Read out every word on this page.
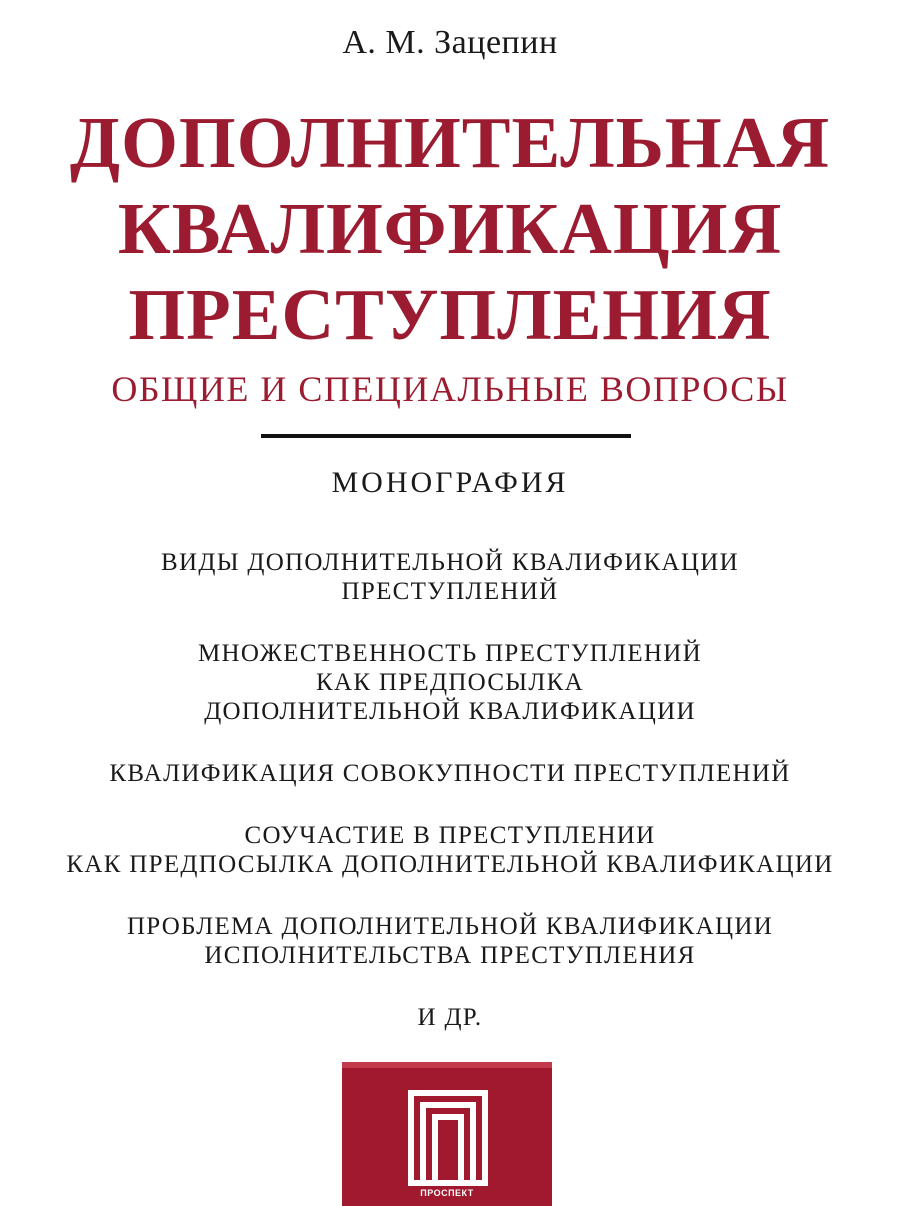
А. М. Зацепин
ДОПОЛНИТЕЛЬНАЯ
КВАЛИФИКАЦИЯ
ПРЕСТУПЛЕНИЯ
ОБЩИЕ И СПЕЦИАЛЬНЫЕ ВОПРОСЫ
МОНОГРАФИЯ
ВИДЫ ДОПОЛНИТЕЛЬНОЙ КВАЛИФИКАЦИИ
ПРЕСТУПЛЕНИЙ
МНОЖЕСТВЕННОСТЬ ПРЕСТУПЛЕНИЙ
КАК ПРЕДПОСЫЛКА
ДОПОЛНИТЕЛЬНОЙ КВАЛИФИКАЦИИ
КВАЛИФИКАЦИЯ СОВОКУПНОСТИ ПРЕСТУПЛЕНИЙ
СОУЧАСТИЕ В ПРЕСТУПЛЕНИИ
КАК ПРЕДПОСЫЛКА ДОПОЛНИТЕЛЬНОЙ КВАЛИФИКАЦИИ
ПРОБЛЕМА ДОПОЛНИТЕЛЬНОЙ КВАЛИФИКАЦИИ
ИСПОЛНИТЕЛЬСТВА ПРЕСТУПЛЕНИЯ
И ДР.
ПРОСПЕКТ
